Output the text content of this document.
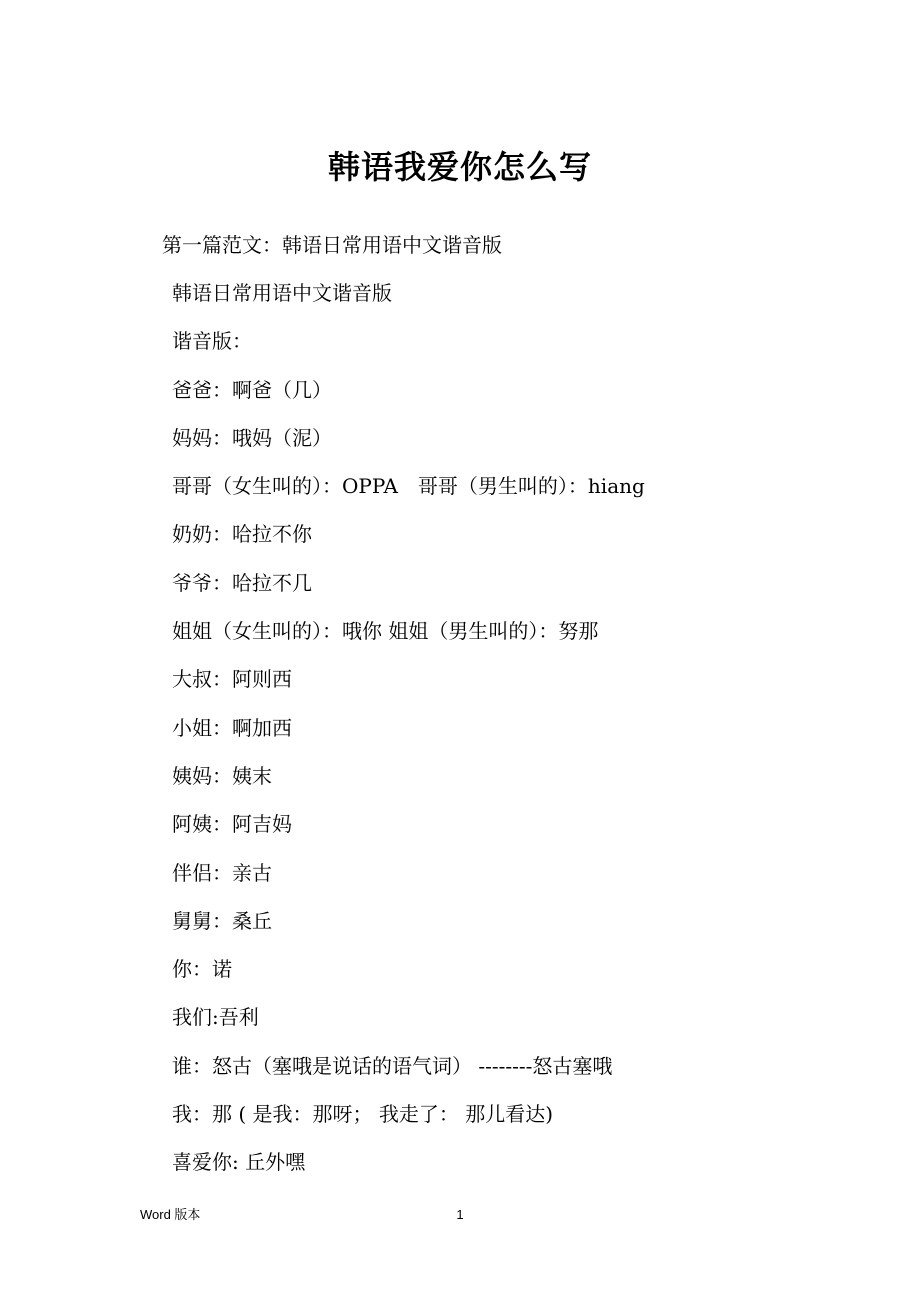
韩语我爱你怎么写
第一篇范文：韩语日常用语中文谐音版
韩语日常用语中文谐音版
谐音版：
爸爸：啊爸（几）
妈妈：哦妈（泥）
哥哥（女生叫的）：OPPA　哥哥（男生叫的）：hiang
奶奶：哈拉不你
爷爷：哈拉不几
姐姐（女生叫的）：哦你 姐姐（男生叫的）：努那
大叔：阿则西
小姐：啊加西
姨妈：姨末
阿姨：阿吉妈
伴侣：亲古
舅舅：桑丘
你：诺
我们:吾利
谁：怒古（塞哦是说话的语气词） --------怒古塞哦
我：那 ( 是我：那呀； 我走了： 那儿看达)
喜爱你: 丘外嘿
Word 版本	1
